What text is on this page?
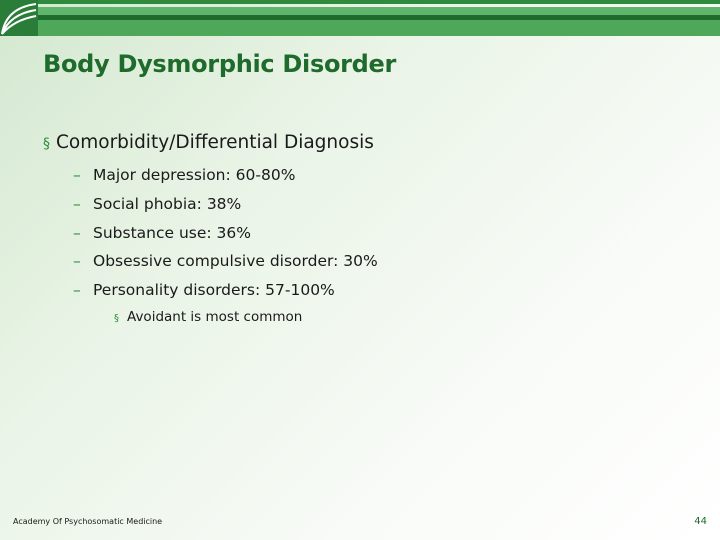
Body Dysmorphic Disorder
§ Comorbidity/Differential Diagnosis
– Major depression: 60-80%
– Social phobia: 38%
– Substance use: 36%
– Obsessive compulsive disorder: 30%
– Personality disorders: 57-100%
§ Avoidant is most common
Academy Of Psychosomatic Medicine	44
